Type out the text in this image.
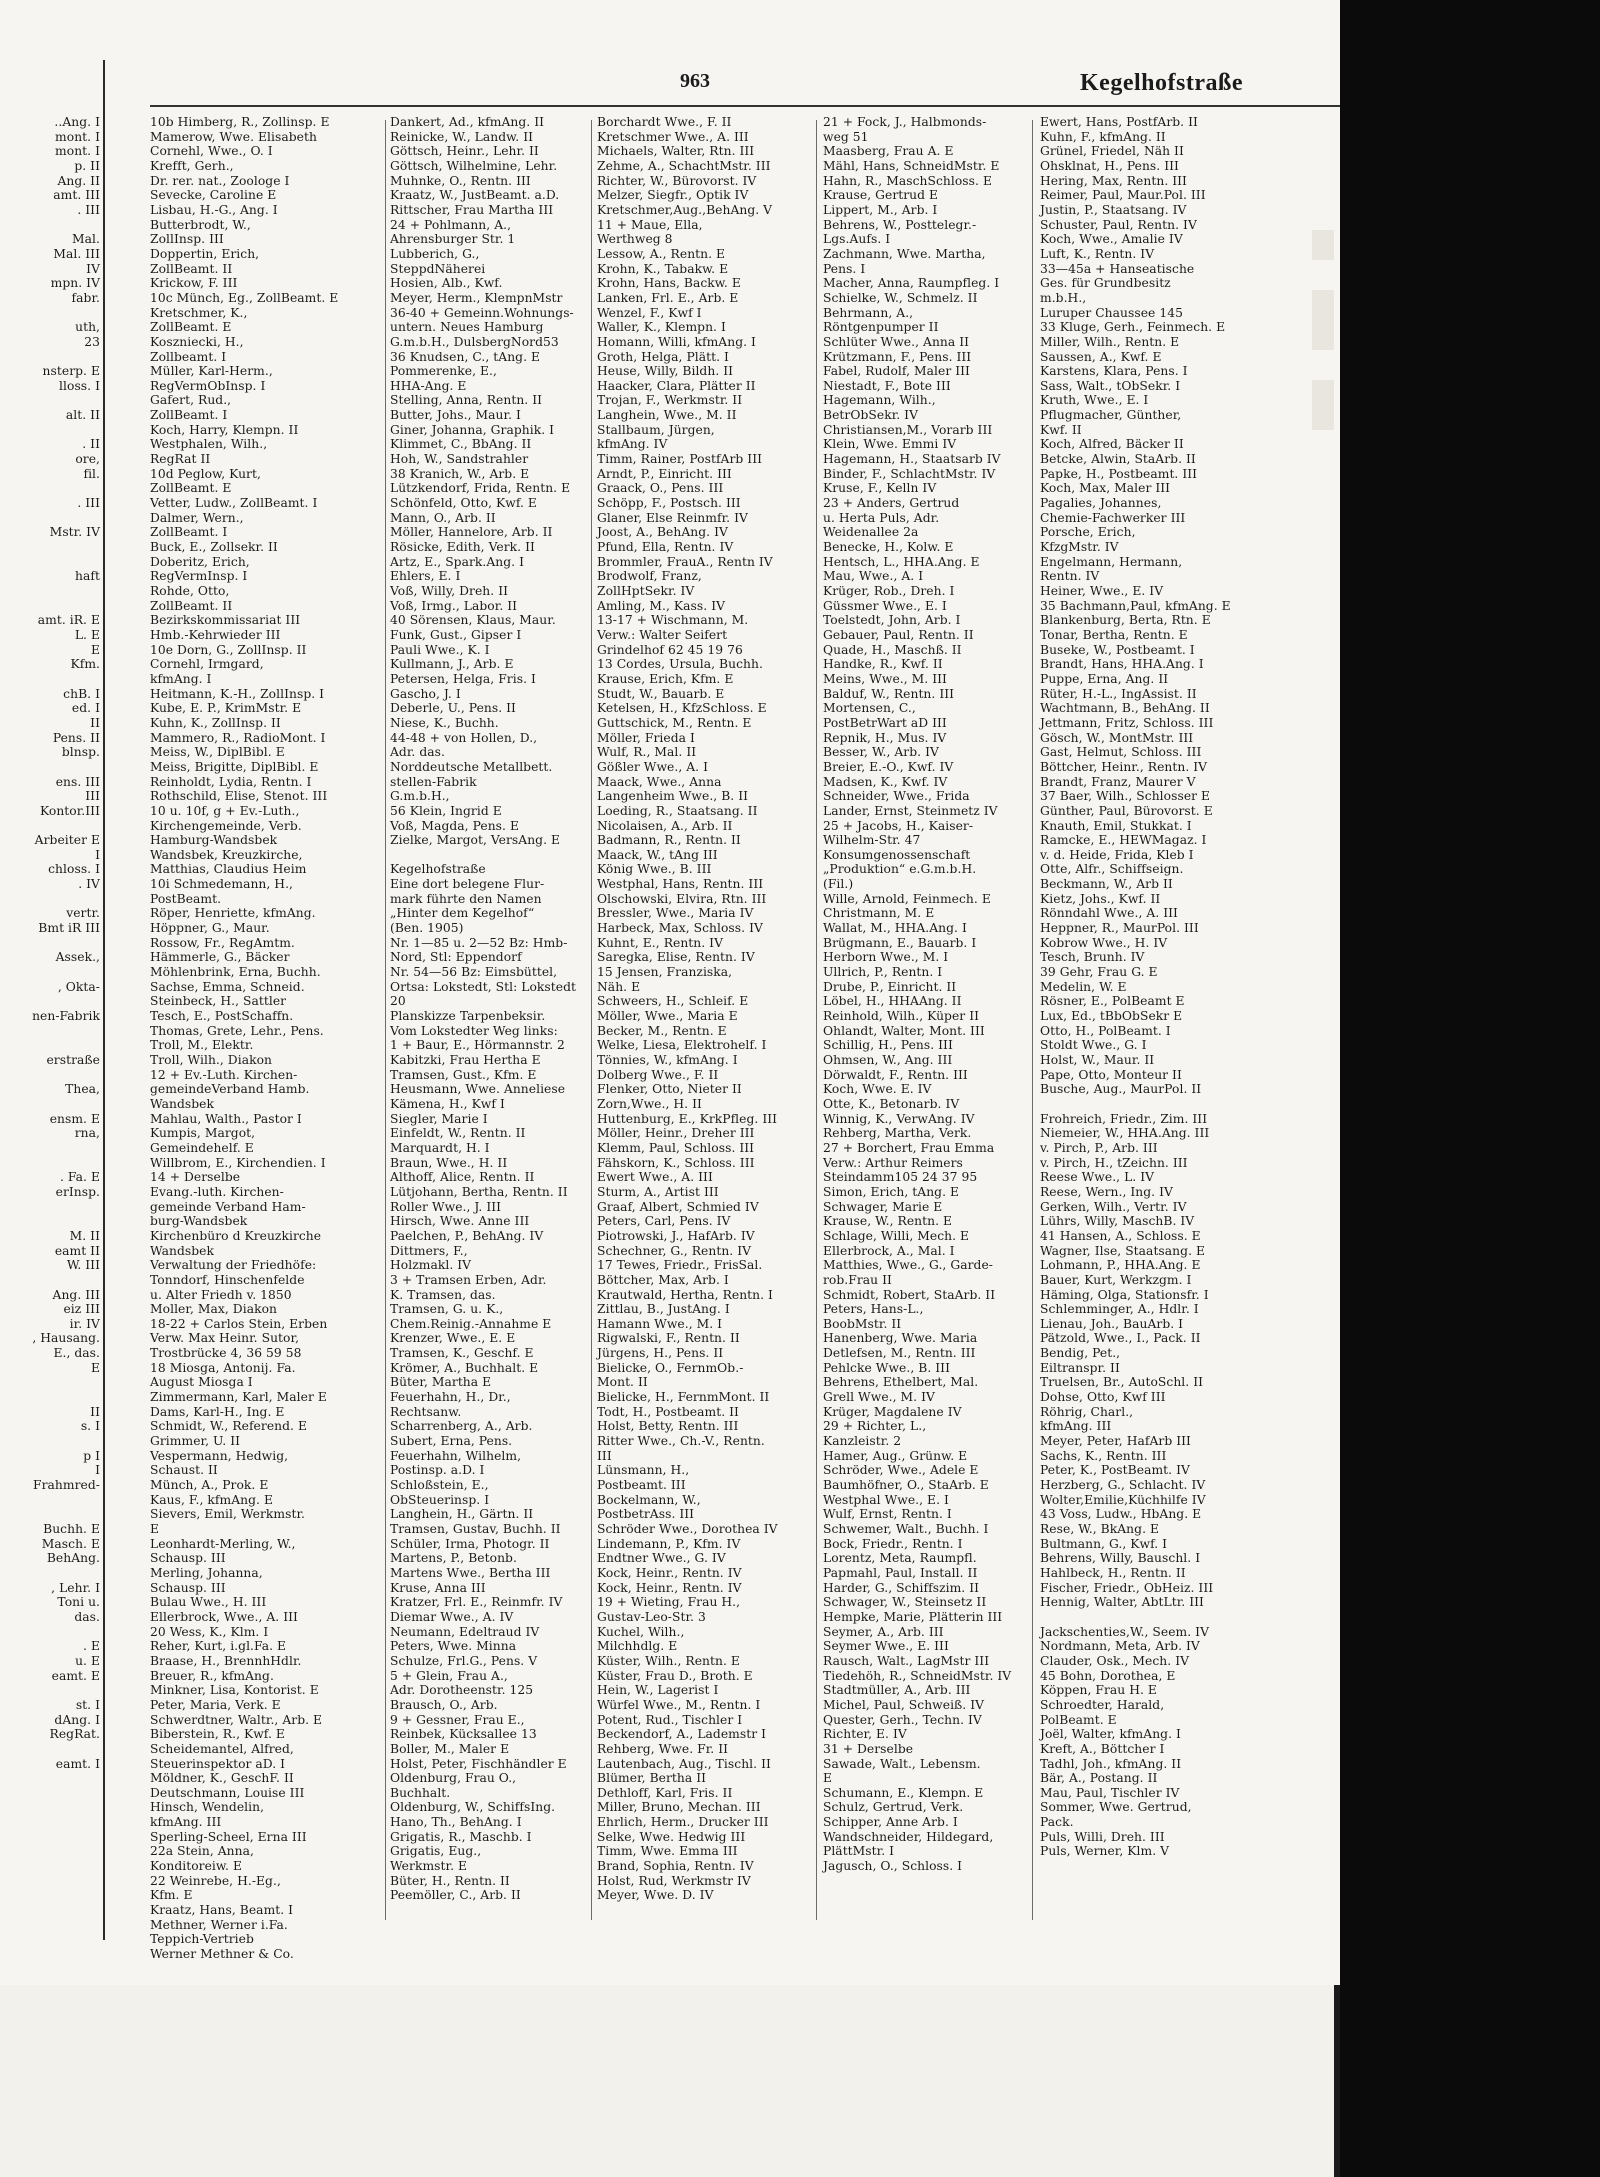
963	Kegelhofstraße
..Ang. I
mont. I
mont. I
p. II
Ang. II
amt. III
. III

Mal.
Mal. III
IV
mpn. IV
fabr.

uth,
23

nsterp. E
lloss. I

alt. II

. II
ore,
fil.

. III

Mstr. IV

haft

amt. iR. E
L. E
E
Kfm.

chB. I
ed. I
II
Pens. II
blnsp.

ens. III
III
Kontor.III

Arbeiter E
I
chloss. I
. IV

vertr.
Bmt iR III

Assek.,

, Okta-

nen-Fabrik

erstraße

Thea,

ensm. E
rna,

. Fa. E
erInsp.

M. II
eamt II
W. III

Ang. III
eiz III
ir. IV
, Hausang.
E., das.
E

II
s. I

p I
I
Frahmred-

Buchh. E
Masch. E
BehAng.

, Lehr. I
Toni u.
das.

. E
u. E
eamt. E

st. I
dAng. I
RegRat.

eamt. I
10b Himberg, R., Zollinsp. E
Mamerow, Wwe. Elisabeth
Cornehl, Wwe., O. I
Krefft, Gerh.,
Dr. rer. nat., Zoologe I
Sevecke, Caroline E
Lisbau, H.-G., Ang. I
Butterbrodt, W.,
ZollInsp. III
Doppertin, Erich,
ZollBeamt. II
Krickow, F. III
10c Münch, Eg., ZollBeamt. E
Kretschmer, K.,
ZollBeamt. E
Koszniecki, H.,
Zollbeamt. I
Müller, Karl-Herm.,
RegVermObInsp. I
Gafert, Rud.,
ZollBeamt. I
Koch, Harry, Klempn. II
Westphalen, Wilh.,
RegRat II
10d Peglow, Kurt,
ZollBeamt. E
Vetter, Ludw., ZollBeamt. I
Dalmer, Wern.,
ZollBeamt. I
Buck, E., Zollsekr. II
Doberitz, Erich,
RegVermInsp. I
Rohde, Otto,
ZollBeamt. II
Bezirkskommissariat III
Hmb.-Kehrwieder III
10e Dorn, G., ZollInsp. II
Cornehl, Irmgard,
kfmAng. I
Heitmann, K.-H., ZollInsp. I
Kube, E. P., KrimMstr. E
Kuhn, K., ZollInsp. II
Mammero, R., RadioMont. I
Meiss, W., DiplBibl. E
Meiss, Brigitte, DiplBibl. E
Reinholdt, Lydia, Rentn. I
Rothschild, Elise, Stenot. III
10 u. 10f, g + Ev.-Luth.,
Kirchengemeinde, Verb.
Hamburg-Wandsbek
Wandsbek, Kreuzkirche,
Matthias, Claudius Heim
10i Schmedemann, H.,
PostBeamt.
Röper, Henriette, kfmAng.
Höppner, G., Maur.
Rossow, Fr., RegAmtm.
Hämmerle, G., Bäcker
Möhlenbrink, Erna, Buchh.
Sachse, Emma, Schneid.
Steinbeck, H., Sattler
Tesch, E., PostSchaffn.
Thomas, Grete, Lehr., Pens.
Troll, M., Elektr.
Troll, Wilh., Diakon
12 + Ev.-Luth. Kirchen-
gemeindeVerband Hamb.
Wandsbek
Mahlau, Walth., Pastor I
Kumpis, Margot,
Gemeindehelf. E
Willbrom, E., Kirchendien. I
14 + Derselbe
Evang.-luth. Kirchen-
gemeinde Verband Ham-
burg-Wandsbek
Kirchenbüro d Kreuzkirche
Wandsbek
Verwaltung der Friedhöfe:
Tonndorf, Hinschenfelde
u. Alter Friedh v. 1850
Moller, Max, Diakon
18-22 + Carlos Stein, Erben
Verw. Max Heinr. Sutor,
Trostbrücke 4, 36 59 58
18 Miosga, Antonij. Fa.
August Miosga I
Zimmermann, Karl, Maler E
Dams, Karl-H., Ing. E
Schmidt, W., Referend. E
Grimmer, U. II
Vespermann, Hedwig,
Schaust. II
Münch, A., Prok. E
Kaus, F., kfmAng. E
Sievers, Emil, Werkmstr.
E
Leonhardt-Merling, W.,
Schausp. III
Merling, Johanna,
Schausp. III
Bulau Wwe., H. III
Ellerbrock, Wwe., A. III
20 Wess, K., Klm. I
Reher, Kurt, i.gl.Fa. E
Braase, H., BrennhHdlr.
Breuer, R., kfmAng.
Minkner, Lisa, Kontorist. E
Peter, Maria, Verk. E
Schwerdtner, Waltr., Arb. E
Biberstein, R., Kwf. E
Scheidemantel, Alfred,
Steuerinspektor aD. I
Möldner, K., GeschF. II
Deutschmann, Louise III
Hinsch, Wendelin,
kfmAng. III
Sperling-Scheel, Erna III
22a Stein, Anna,
Konditoreiw. E
22 Weinrebe, H.-Eg.,
Kfm. E
Kraatz, Hans, Beamt. I
Methner, Werner i.Fa.
Teppich-Vertrieb
Werner Methner & Co.
Dankert, Ad., kfmAng. II
Reinicke, W., Landw. II
Göttsch, Heinr., Lehr. II
Göttsch, Wilhelmine, Lehr.
Muhnke, O., Rentn. III
Kraatz, W., JustBeamt. a.D.
Rittscher, Frau Martha III
24 + Pohlmann, A.,
Ahrensburger Str. 1
Lubberich, G.,
SteppdNäherei
Hosien, Alb., Kwf.
Meyer, Herm., KlempnMstr
36-40 + Gemeinn.Wohnungs-
untern. Neues Hamburg
G.m.b.H., DulsbergNord53
36 Knudsen, C., tAng. E
Pommerenke, E.,
HHA-Ang. E
Stelling, Anna, Rentn. II
Butter, Johs., Maur. I
Giner, Johanna, Graphik. I
Klimmet, C., BbAng. II
Hoh, W., Sandstrahler
38 Kranich, W., Arb. E
Lützkendorf, Frida, Rentn. E
Schönfeld, Otto, Kwf. E
Mann, O., Arb. II
Möller, Hannelore, Arb. II
Rösicke, Edith, Verk. II
Artz, E., Spark.Ang. I
Ehlers, E. I
Voß, Willy, Dreh. II
Voß, Irmg., Labor. II
40 Sörensen, Klaus, Maur.
Funk, Gust., Gipser I
Pauli Wwe., K. I
Kullmann, J., Arb. E
Petersen, Helga, Fris. I
Gascho, J. I
Deberle, U., Pens. II
Niese, K., Buchh.
44-48 + von Hollen, D.,
Adr. das.
Norddeutsche Metallbett.
stellen-Fabrik
G.m.b.H.,
56 Klein, Ingrid E
Voß, Magda, Pens. E
Zielke, Margot, VersAng. E

Kegelhofstraße
Eine dort belegene Flur-
mark führte den Namen
„Hinter dem Kegelhof“
(Ben. 1905)
Nr. 1—85 u. 2—52 Bz: Hmb-
Nord, Stl: Eppendorf
Nr. 54—56 Bz: Eimsbüttel,
Ortsa: Lokstedt, Stl: Lokstedt
20
Planskizze Tarpenbeksir.
Vom Lokstedter Weg links:
1 + Baur, E., Hörmannstr. 2
Kabitzki, Frau Hertha E
Tramsen, Gust., Kfm. E
Heusmann, Wwe. Anneliese
Kämena, H., Kwf I
Siegler, Marie I
Einfeldt, W., Rentn. II
Marquardt, H. I
Braun, Wwe., H. II
Althoff, Alice, Rentn. II
Lütjohann, Bertha, Rentn. II
Roller Wwe., J. III
Hirsch, Wwe. Anne III
Paelchen, P., BehAng. IV
Dittmers, F.,
Holzmakl. IV
3 + Tramsen Erben, Adr.
K. Tramsen, das.
Tramsen, G. u. K.,
Chem.Reinig.-Annahme E
Krenzer, Wwe., E. E
Tramsen, K., Geschf. E
Krömer, A., Buchhalt. E
Büter, Martha E
Feuerhahn, H., Dr.,
Rechtsanw.
Scharrenberg, A., Arb.
Subert, Erna, Pens.
Feuerhahn, Wilhelm,
Postinsp. a.D. I
Schloßstein, E.,
ObSteuerinsp. I
Langhein, H., Gärtn. II
Tramsen, Gustav, Buchh. II
Schüler, Irma, Photogr. II
Martens, P., Betonb.
Martens Wwe., Bertha III
Kruse, Anna III
Kratzer, Frl. E., Reinmfr. IV
Diemar Wwe., A. IV
Neumann, Edeltraud IV
Peters, Wwe. Minna
Schulze, Frl.G., Pens. V
5 + Glein, Frau A.,
Adr. Dorotheenstr. 125
Brausch, O., Arb.
9 + Gessner, Frau E.,
Reinbek, Kücksallee 13
Boller, M., Maler E
Holst, Peter, Fischhändler E
Oldenburg, Frau O.,
Buchhalt.
Oldenburg, W., SchiffsIng.
Hano, Th., BehAng. I
Grigatis, R., Maschb. I
Grigatis, Eug.,
Werkmstr. E
Büter, H., Rentn. II
Peemöller, C., Arb. II
Borchardt Wwe., F. II
Kretschmer Wwe., A. III
Michaels, Walter, Rtn. III
Zehme, A., SchachtMstr. III
Richter, W., Bürovorst. IV
Melzer, Siegfr., Optik IV
Kretschmer,Aug.,BehAng. V
11 + Maue, Ella,
Werthweg 8
Lessow, A., Rentn. E
Krohn, K., Tabakw. E
Krohn, Hans, Backw. E
Lanken, Frl. E., Arb. E
Wenzel, F., Kwf I
Waller, K., Klempn. I
Homann, Willi, kfmAng. I
Groth, Helga, Plätt. I
Heuse, Willy, Bildh. II
Haacker, Clara, Plätter II
Trojan, F., Werkmstr. II
Langhein, Wwe., M. II
Stallbaum, Jürgen,
kfmAng. IV
Timm, Rainer, PostfArb III
Arndt, P., Einricht. III
Graack, O., Pens. III
Schöpp, F., Postsch. III
Glaner, Else Reinmfr. IV
Joost, A., BehAng. IV
Pfund, Ella, Rentn. IV
Brommler, FrauA., Rentn IV
Brodwolf, Franz,
ZollHptSekr. IV
Amling, M., Kass. IV
13-17 + Wischmann, M.
Verw.: Walter Seifert
Grindelhof 62 45 19 76
13 Cordes, Ursula, Buchh.
Krause, Erich, Kfm. E
Studt, W., Bauarb. E
Ketelsen, H., KfzSchloss. E
Guttschick, M., Rentn. E
Möller, Frieda I
Wulf, R., Mal. II
Gößler Wwe., A. I
Maack, Wwe., Anna
Langenheim Wwe., B. II
Loeding, R., Staatsang. II
Nicolaisen, A., Arb. II
Badmann, R., Rentn. II
Maack, W., tAng III
König Wwe., B. III
Westphal, Hans, Rentn. III
Olschowski, Elvira, Rtn. III
Bressler, Wwe., Maria IV
Harbeck, Max, Schloss. IV
Kuhnt, E., Rentn. IV
Saregka, Elise, Rentn. IV
15 Jensen, Franziska,
Näh. E
Schweers, H., Schleif. E
Möller, Wwe., Maria E
Becker, M., Rentn. E
Welke, Liesa, Elektrohelf. I
Tönnies, W., kfmAng. I
Dolberg Wwe., F. II
Flenker, Otto, Nieter II
Zorn,Wwe., H. II
Huttenburg, E., KrkPfleg. III
Möller, Heinr., Dreher III
Klemm, Paul, Schloss. III
Fähskorn, K., Schloss. III
Ewert Wwe., A. III
Sturm, A., Artist III
Graaf, Albert, Schmied IV
Peters, Carl, Pens. IV
Piotrowski, J., HafArb. IV
Schechner, G., Rentn. IV
17 Tewes, Friedr., FrisSal.
Böttcher, Max, Arb. I
Krautwald, Hertha, Rentn. I
Zittlau, B., JustAng. I
Hamann Wwe., M. I
Rigwalski, F., Rentn. II
Jürgens, H., Pens. II
Bielicke, O., FernmOb.-
Mont. II
Bielicke, H., FernmMont. II
Todt, H., Postbeamt. II
Holst, Betty, Rentn. III
Ritter Wwe., Ch.-V., Rentn.
III
Lünsmann, H.,
Postbeamt. III
Bockelmann, W.,
PostbetrAss. III
Schröder Wwe., Dorothea IV
Lindemann, P., Kfm. IV
Endtner Wwe., G. IV
Kock, Heinr., Rentn. IV
Kock, Heinr., Rentn. IV
19 + Wieting, Frau H.,
Gustav-Leo-Str. 3
Kuchel, Wilh.,
Milchhdlg. E
Küster, Wilh., Rentn. E
Küster, Frau D., Broth. E
Hein, W., Lagerist I
Würfel Wwe., M., Rentn. I
Potent, Rud., Tischler I
Beckendorf, A., Lademstr I
Rehberg, Wwe. Fr. II
Lautenbach, Aug., Tischl. II
Blümer, Bertha II
Dethloff, Karl, Fris. II
Miller, Bruno, Mechan. III
Ehrlich, Herm., Drucker III
Selke, Wwe. Hedwig III
Timm, Wwe. Emma III
Brand, Sophia, Rentn. IV
Holst, Rud, Werkmstr IV
Meyer, Wwe. D. IV
21 + Fock, J., Halbmonds-
weg 51
Maasberg, Frau A. E
Mähl, Hans, SchneidMstr. E
Hahn, R., MaschSchloss. E
Krause, Gertrud E
Lippert, M., Arb. I
Behrens, W., Posttelegr.-
Lgs.Aufs. I
Zachmann, Wwe. Martha,
Pens. I
Macher, Anna, Raumpfleg. I
Schielke, W., Schmelz. II
Behrmann, A.,
Röntgenpumper II
Schlüter Wwe., Anna II
Krützmann, F., Pens. III
Fabel, Rudolf, Maler III
Niestadt, F., Bote III
Hagemann, Wilh.,
BetrObSekr. IV
Christiansen,M., Vorarb III
Klein, Wwe. Emmi IV
Hagemann, H., Staatsarb IV
Binder, F., SchlachtMstr. IV
Kruse, F., Kelln IV
23 + Anders, Gertrud
u. Herta Puls, Adr.
Weidenallee 2a
Benecke, H., Kolw. E
Hentsch, L., HHA.Ang. E
Mau, Wwe., A. I
Krüger, Rob., Dreh. I
Güssmer Wwe., E. I
Toelstedt, John, Arb. I
Gebauer, Paul, Rentn. II
Quade, H., Maschß. II
Handke, R., Kwf. II
Meins, Wwe., M. III
Balduf, W., Rentn. III
Mortensen, C.,
PostBetrWart aD III
Repnik, H., Mus. IV
Besser, W., Arb. IV
Breier, E.-O., Kwf. IV
Madsen, K., Kwf. IV
Schneider, Wwe., Frida
Lander, Ernst, Steinmetz IV
25 + Jacobs, H., Kaiser-
Wilhelm-Str. 47
Konsumgenossenschaft
„Produktion“ e.G.m.b.H.
(Fil.)
Wille, Arnold, Feinmech. E
Christmann, M. E
Wallat, M., HHA.Ang. I
Brügmann, E., Bauarb. I
Herborn Wwe., M. I
Ullrich, P., Rentn. I
Drube, P., Einricht. II
Löbel, H., HHAAng. II
Reinhold, Wilh., Küper II
Ohlandt, Walter, Mont. III
Schillig, H., Pens. III
Ohmsen, W., Ang. III
Dörwaldt, F., Rentn. III
Koch, Wwe. E. IV
Otte, K., Betonarb. IV
Winnig, K., VerwAng. IV
Rehberg, Martha, Verk.
27 + Borchert, Frau Emma
Verw.: Arthur Reimers
Steindamm105 24 37 95
Simon, Erich, tAng. E
Schwager, Marie E
Krause, W., Rentn. E
Schlage, Willi, Mech. E
Ellerbrock, A., Mal. I
Matthies, Wwe., G., Garde-
rob.Frau II
Schmidt, Robert, StaArb. II
Peters, Hans-L.,
BoobMstr. II
Hanenberg, Wwe. Maria
Detlefsen, M., Rentn. III
Pehlcke Wwe., B. III
Behrens, Ethelbert, Mal.
Grell Wwe., M. IV
Krüger, Magdalene IV
29 + Richter, L.,
Kanzleistr. 2
Hamer, Aug., Grünw. E
Schröder, Wwe., Adele E
Baumhöfner, O., StaArb. E
Westphal Wwe., E. I
Wulf, Ernst, Rentn. I
Schwemer, Walt., Buchh. I
Bock, Friedr., Rentn. I
Lorentz, Meta, Raumpfl.
Papmahl, Paul, Install. II
Harder, G., Schiffszim. II
Schwager, W., Steinsetz II
Hempke, Marie, Plätterin III
Seymer, A., Arb. III
Seymer Wwe., E. III
Rausch, Walt., LagMstr III
Tiedehöh, R., SchneidMstr. IV
Stadtmüller, A., Arb. III
Michel, Paul, Schweiß. IV
Quester, Gerh., Techn. IV
Richter, E. IV
31 + Derselbe
Sawade, Walt., Lebensm.
E
Schumann, E., Klempn. E
Schulz, Gertrud, Verk.
Schipper, Anne Arb. I
Wandschneider, Hildegard,
PlättMstr. I
Jagusch, O., Schloss. I
Ewert, Hans, PostfArb. II
Kuhn, F., kfmAng. II
Grünel, Friedel, Näh II
Ohsklnat, H., Pens. III
Hering, Max, Rentn. III
Reimer, Paul, Maur.Pol. III
Justin, P., Staatsang. IV
Schuster, Paul, Rentn. IV
Koch, Wwe., Amalie IV
Luft, K., Rentn. IV
33—45a + Hanseatische
Ges. für Grundbesitz
m.b.H.,
Luruper Chaussee 145
33 Kluge, Gerh., Feinmech. E
Miller, Wilh., Rentn. E
Saussen, A., Kwf. E
Karstens, Klara, Pens. I
Sass, Walt., tObSekr. I
Kruth, Wwe., E. I
Pflugmacher, Günther,
Kwf. II
Koch, Alfred, Bäcker II
Betcke, Alwin, StaArb. II
Papke, H., Postbeamt. III
Koch, Max, Maler III
Pagalies, Johannes,
Chemie-Fachwerker III
Porsche, Erich,
KfzgMstr. IV
Engelmann, Hermann,
Rentn. IV
Heiner, Wwe., E. IV
35 Bachmann,Paul, kfmAng. E
Blankenburg, Berta, Rtn. E
Tonar, Bertha, Rentn. E
Buseke, W., Postbeamt. I
Brandt, Hans, HHA.Ang. I
Puppe, Erna, Ang. II
Rüter, H.-L., IngAssist. II
Wachtmann, B., BehAng. II
Jettmann, Fritz, Schloss. III
Gösch, W., MontMstr. III
Gast, Helmut, Schloss. III
Böttcher, Heinr., Rentn. IV
Brandt, Franz, Maurer V
37 Baer, Wilh., Schlosser E
Günther, Paul, Bürovorst. E
Knauth, Emil, Stukkat. I
Ramcke, E., HEWMagaz. I
v. d. Heide, Frida, Kleb I
Otte, Alfr., Schiffseign.
Beckmann, W., Arb II
Kietz, Johs., Kwf. II
Rönndahl Wwe., A. III
Heppner, R., MaurPol. III
Kobrow Wwe., H. IV
Tesch, Brunh. IV
39 Gehr, Frau G. E
Medelin, W. E
Rösner, E., PolBeamt E
Lux, Ed., tBbObSekr E
Otto, H., PolBeamt. I
Stoldt Wwe., G. I
Holst, W., Maur. II
Pape, Otto, Monteur II
Busche, Aug., MaurPol. II

Frohreich, Friedr., Zim. III
Niemeier, W., HHA.Ang. III
v. Pirch, P., Arb. III
v. Pirch, H., tZeichn. III
Reese Wwe., L. IV
Reese, Wern., Ing. IV
Gerken, Wilh., Vertr. IV
Lührs, Willy, MaschB. IV
41 Hansen, A., Schloss. E
Wagner, Ilse, Staatsang. E
Lohmann, P., HHA.Ang. E
Bauer, Kurt, Werkzgm. I
Häming, Olga, Stationsfr. I
Schlemminger, A., Hdlr. I
Lienau, Joh., BauArb. I
Pätzold, Wwe., I., Pack. II
Bendig, Pet.,
Eiltranspr. II
Truelsen, Br., AutoSchl. II
Dohse, Otto, Kwf III
Röhrig, Charl.,
kfmAng. III
Meyer, Peter, HafArb III
Sachs, K., Rentn. III
Peter, K., PostBeamt. IV
Herzberg, G., Schlacht. IV
Wolter,Emilie,Küchhilfe IV
43 Voss, Ludw., HbAng. E
Rese, W., BkAng. E
Bultmann, G., Kwf. I
Behrens, Willy, Bauschl. I
Hahlbeck, H., Rentn. II
Fischer, Friedr., ObHeiz. III
Hennig, Walter, AbtLtr. III

Jackschenties,W., Seem. IV
Nordmann, Meta, Arb. IV
Clauder, Osk., Mech. IV
45 Bohn, Dorothea, E
Köppen, Frau H. E
Schroedter, Harald,
PolBeamt. E
Joël, Walter, kfmAng. I
Kreft, A., Böttcher I
Tadhl, Joh., kfmAng. II
Bär, A., Postang. II
Mau, Paul, Tischler IV
Sommer, Wwe. Gertrud,
Pack.
Puls, Willi, Dreh. III
Puls, Werner, Klm. V
